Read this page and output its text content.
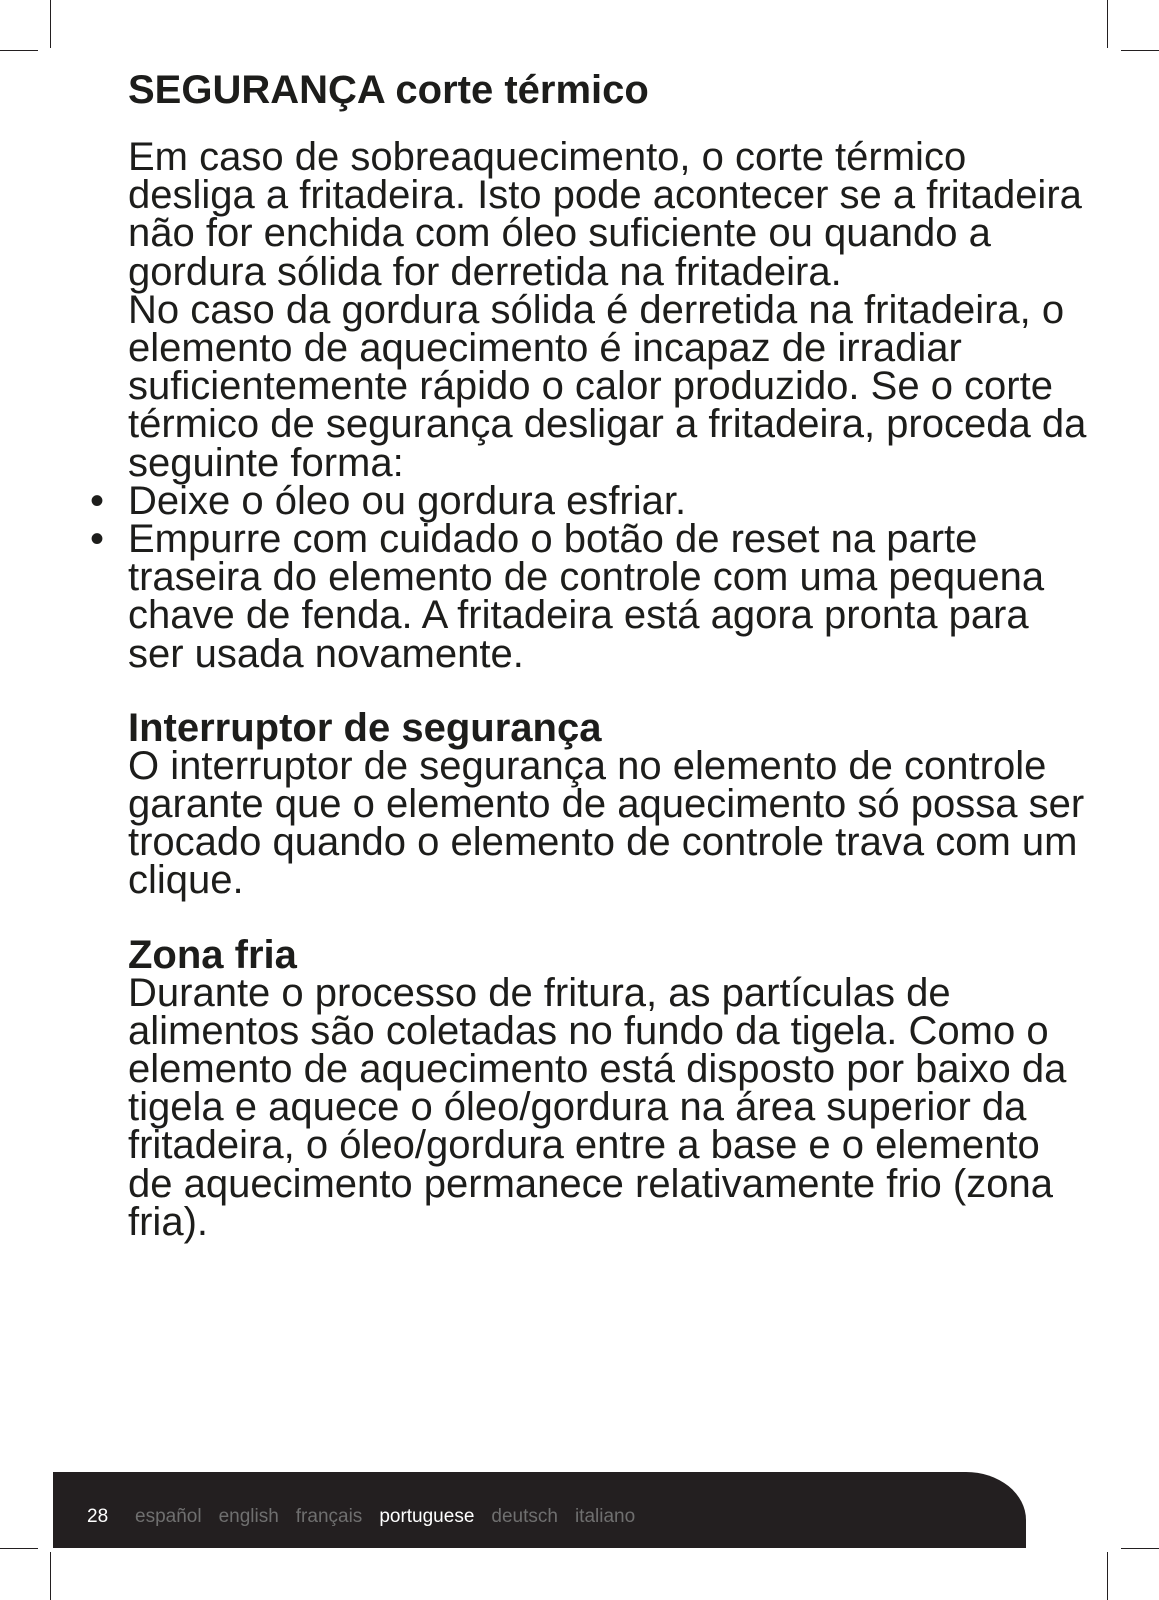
SEGURANÇA corte térmico

Em caso de sobreaquecimento, o corte térmico desliga a fritadeira. Isto pode acontecer se a fritadeira não for enchida com óleo suficiente ou quando a gordura sólida for derretida na fritadeira.

No caso da gordura sólida é derretida na fritadeira, o elemento de aquecimento é incapaz de irradiar suficientemente rápido o calor produzido. Se o corte térmico de segurança desligar a fritadeira, proceda da seguinte forma:

• Deixe o óleo ou gordura esfriar.
• Empurre com cuidado o botão de reset na parte traseira do elemento de controle com uma pequena chave de fenda. A fritadeira está agora pronta para ser usada novamente.
Interruptor de segurança

O interruptor de segurança no elemento de controle garante que o elemento de aquecimento só possa ser trocado quando o elemento de controle trava com um clique.

Zona fria

Durante o processo de fritura, as partículas de alimentos são coletadas no fundo da tigela. Como o elemento de aquecimento está disposto por baixo da tigela e aquece o óleo/gordura na área superior da fritadeira, o óleo/gordura entre a base e o elemento de aquecimento permanece relativamente frio (zona fria).

28 español english français portuguese deutsch italiano
